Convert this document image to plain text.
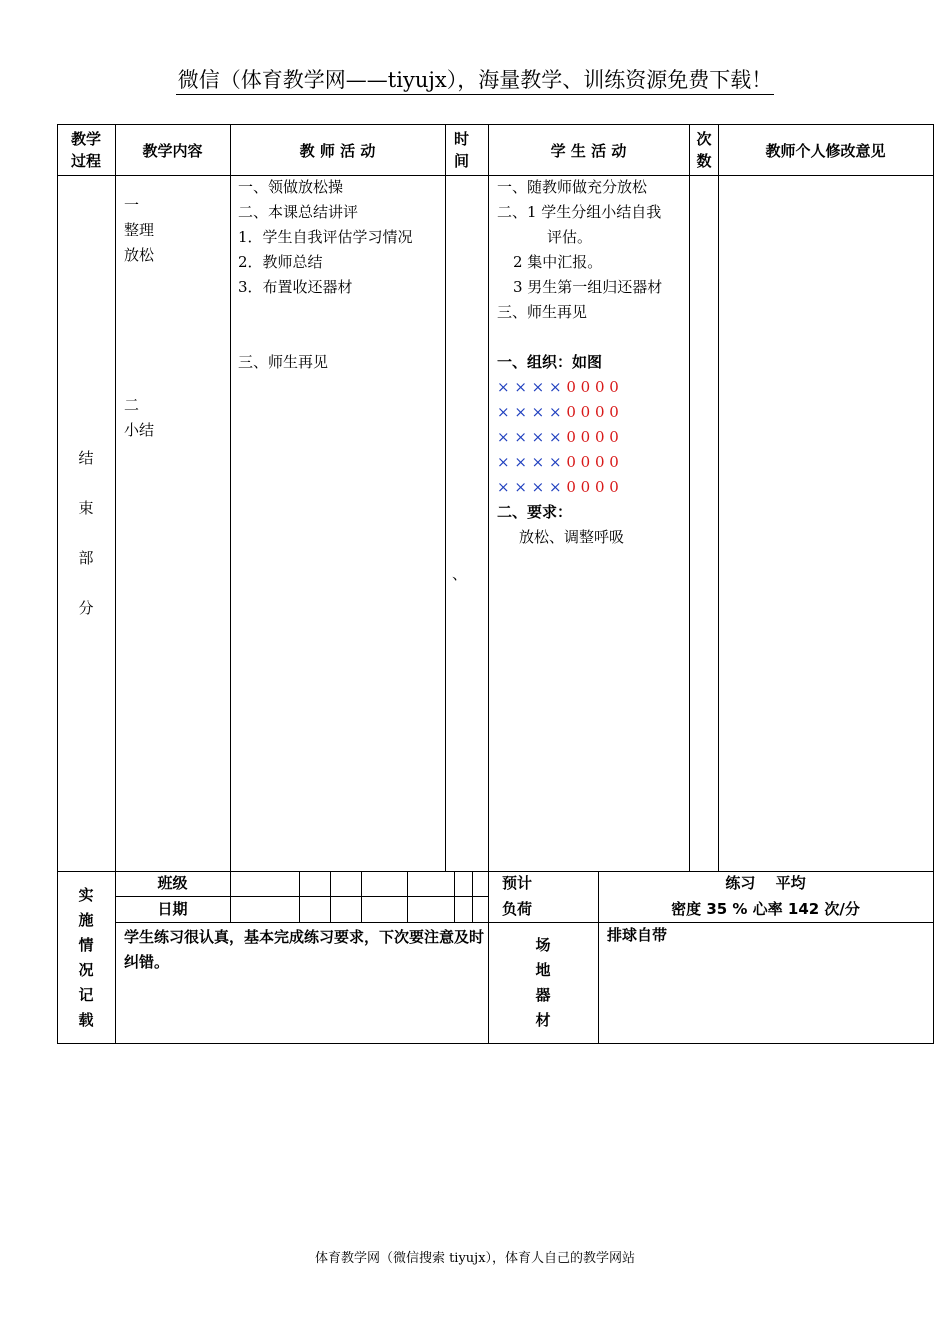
微信（体育教学网——tiyujx），海量教学、训练资源免费下载！
教学
过程
教学内容	教 师 活 动
时
间
学 生 活 动
次
数
教师个人修改意见
结
束
部
分
一
整理
放松
二
小结
一、领做放松操
二、本课总结讲评
1．学生自我评估学习情况
2．教师总结
3．布置收还器材
三、师生再见
、
一、随教师做充分放松
二、1 学生分组小结自我
评估。
2 集中汇报。
3 男生第一组归还器材
三、师生再见
一、组织：如图
× × × × 0 0 0 0
× × × × 0 0 0 0
× × × × 0 0 0 0
× × × × 0 0 0 0
× × × × 0 0 0 0
二、要求：
放松、调整呼吸
实
施
情
况
记
载
班级
日期
预计
负荷
练习　 平均
密度 35 % 心率 142 次/分
学生练习很认真，基本完成练习要求，下次要注意及时纠错。
场
地
器
材
排球自带
体育教学网（微信搜索 tiyujx），体育人自己的教学网站
